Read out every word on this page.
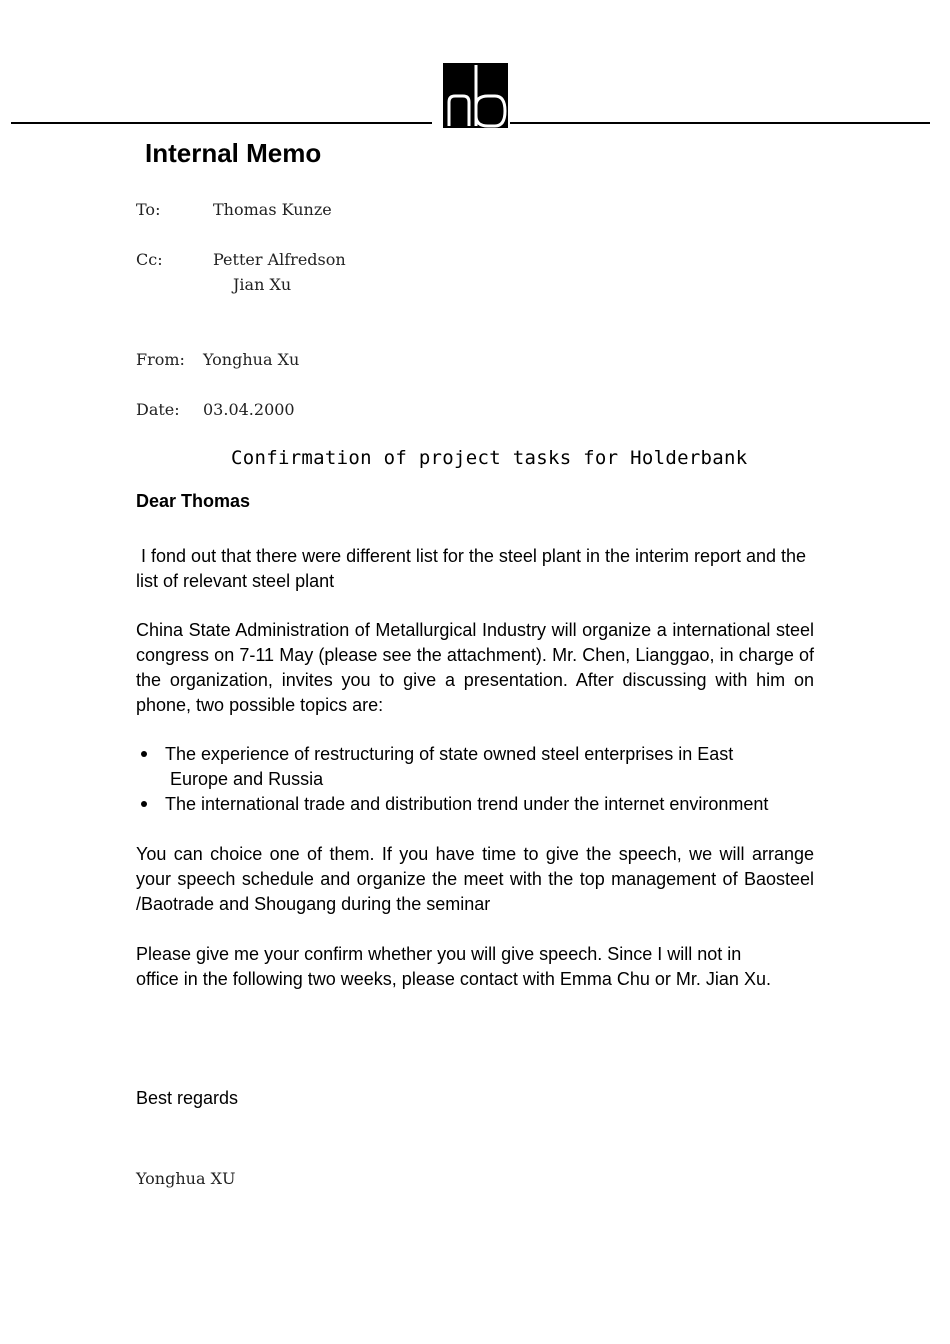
Internal Memo
To:	Thomas Kunze
Cc:	Petter Alfredson
Jian Xu
From: Yonghua Xu
Date: 03.04.2000
Confirmation of project tasks for Holderbank
Dear Thomas

I fond out that there were different list for the steel plant in the interim report and the list of relevant steel plant

China State Administration of Metallurgical Industry will organize a international steel congress on 7-11 May (please see the attachment). Mr. Chen, Lianggao, in charge of the organization, invites you to give a presentation. After discussing with him on phone, two possible topics are:

The experience of restructuring of state owned steel enterprises in East
Europe and Russia
The international trade and distribution trend under the internet environment

You can choice one of them. If you have time to give the speech, we will arrange your speech schedule and organize the meet with the top management of Baosteel /Baotrade and Shougang during the seminar

Please give me your confirm whether you will give speech. Since I will not in office in the following two weeks, please contact with Emma Chu or Mr. Jian Xu.

Best regards

Yonghua XU
